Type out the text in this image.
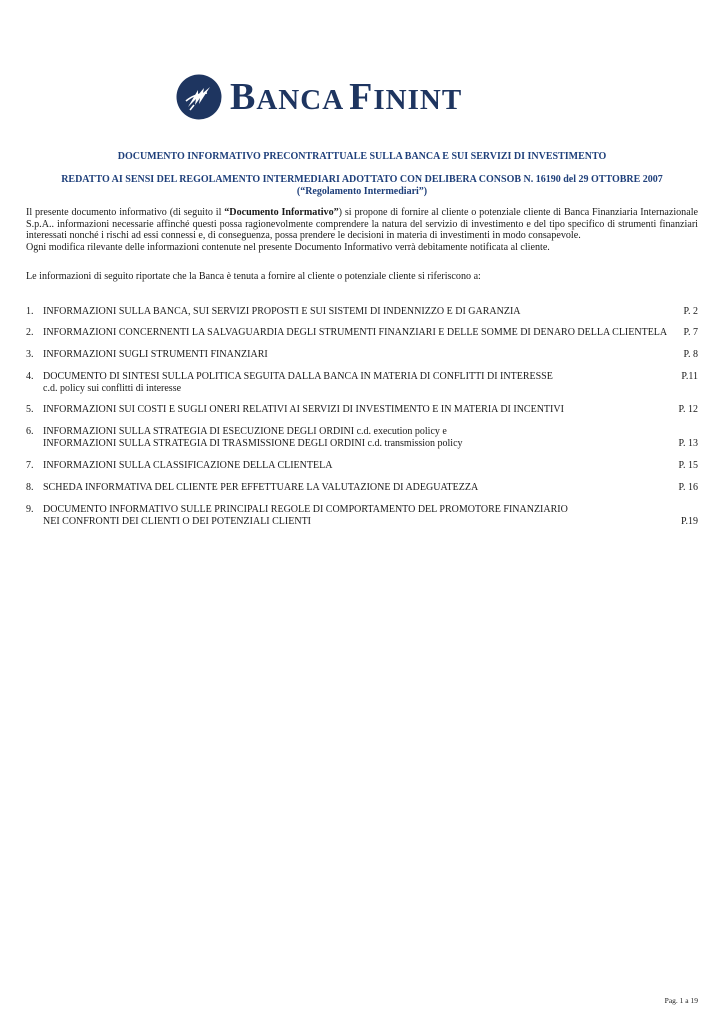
BANCA FININT
DOCUMENTO INFORMATIVO PRECONTRATTUALE SULLA BANCA E SUI SERVIZI DI INVESTIMENTO
REDATTO AI SENSI DEL REGOLAMENTO INTERMEDIARI ADOTTATO CON DELIBERA CONSOB N. 16190 del 29 OTTOBRE 2007
(“Regolamento Intermediari”)

Il presente documento informativo (di seguito il “Documento Informativo”) si propone di fornire al cliente o potenziale cliente di Banca Finanziaria Internazionale S.p.A.. informazioni necessarie affinché questi possa ragionevolmente comprendere la natura del servizio di investimento e del tipo specifico di strumenti finanziari interessati nonché i rischi ad essi connessi e, di conseguenza, possa prendere le decisioni in materia di investimenti in modo consapevole.

Ogni modifica rilevante delle informazioni contenute nel presente Documento Informativo verrà debitamente notificata al cliente.

Le informazioni di seguito riportate che la Banca è tenuta a fornire al cliente o potenziale cliente si riferiscono a:
1. INFORMAZIONI SULLA BANCA, SUI SERVIZI PROPOSTI E SUI SISTEMI DI INDENNIZZO E DI GARANZIA	P. 2
2. INFORMAZIONI CONCERNENTI LA SALVAGUARDIA DEGLI STRUMENTI FINANZIARI E DELLE SOMME DI DENARO DELLA CLIENTELA P. 7
3. INFORMAZIONI SUGLI STRUMENTI FINANZIARI	P. 8
4. DOCUMENTO DI SINTESI SULLA POLITICA SEGUITA DALLA BANCA IN MATERIA DI CONFLITTI DI INTERESSE
c.d. policy sui conflitti di interesse
P.11
5. INFORMAZIONI SUI COSTI E SUGLI ONERI RELATIVI AI SERVIZI DI INVESTIMENTO E IN MATERIA DI INCENTIVI	P. 12
6. INFORMAZIONI SULLA STRATEGIA DI ESECUZIONE DEGLI ORDINI c.d. execution policy e
INFORMAZIONI SULLA STRATEGIA DI TRASMISSIONE DEGLI ORDINI c.d. transmission policy	P. 13
7. INFORMAZIONI SULLA CLASSIFICAZIONE DELLA CLIENTELA	P. 15
8. SCHEDA INFORMATIVA DEL CLIENTE PER EFFETTUARE LA VALUTAZIONE DI ADEGUATEZZA	P. 16
9. DOCUMENTO INFORMATIVO SULLE PRINCIPALI REGOLE DI COMPORTAMENTO DEL PROMOTORE FINANZIARIO
NEI CONFRONTI DEI CLIENTI O DEI POTENZIALI CLIENTI	P.19
Pag. 1 a 19
